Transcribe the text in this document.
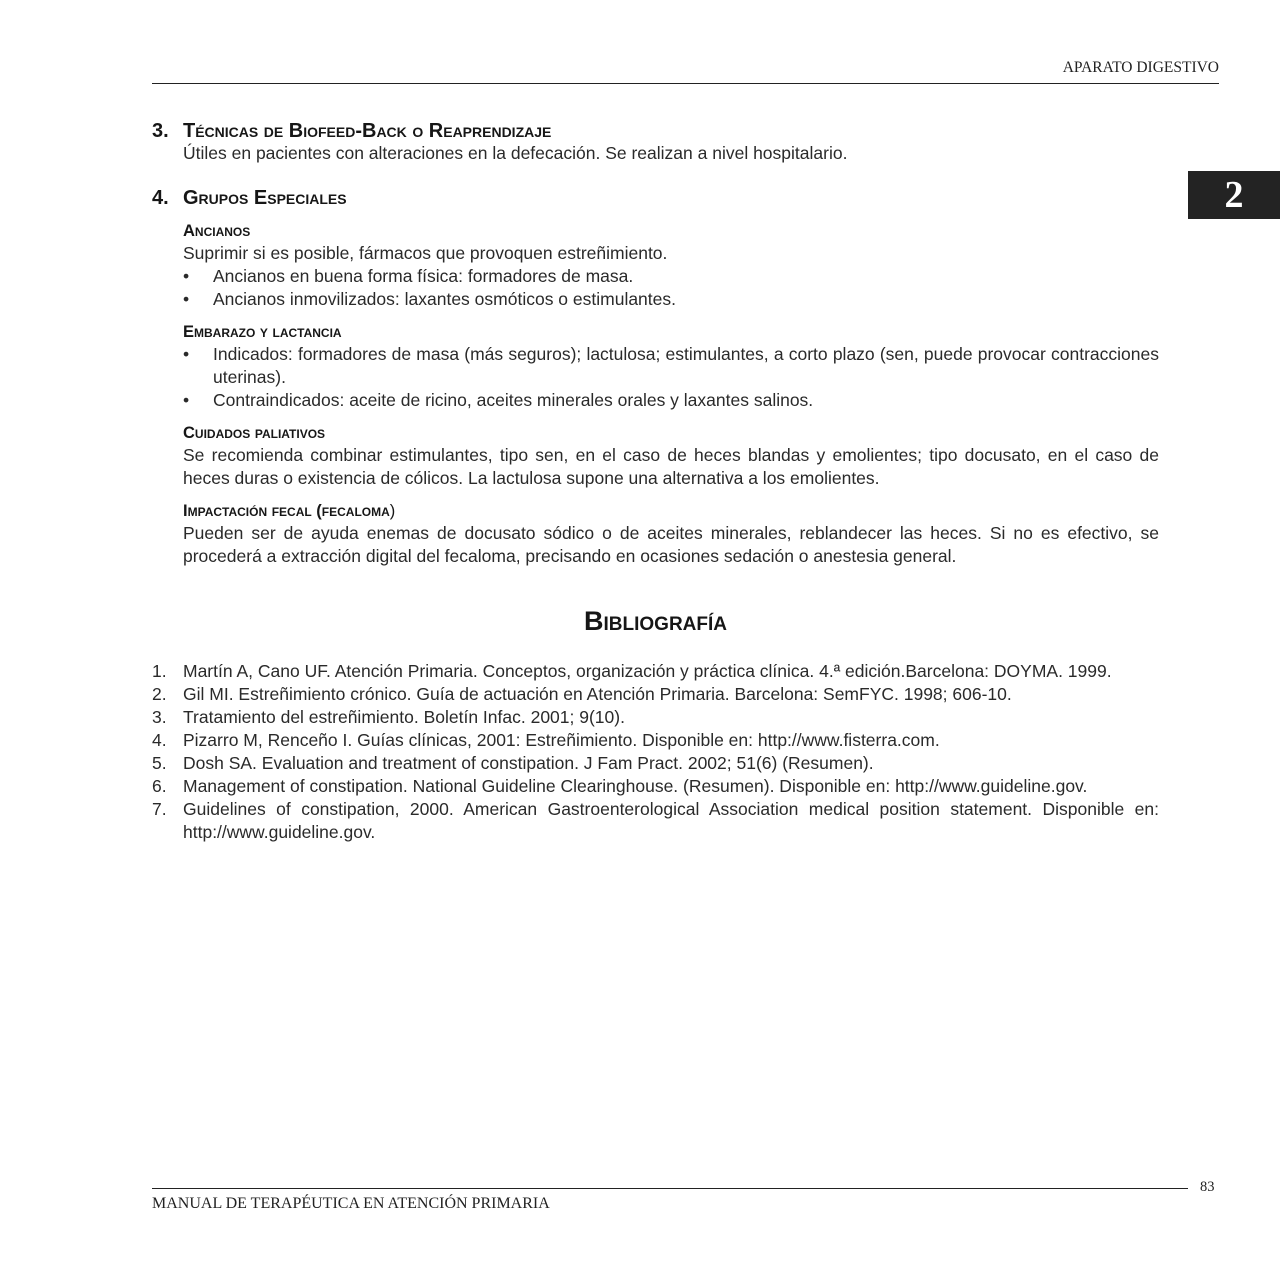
APARATO DIGESTIVO
2
3. Técnicas de Biofeed-Back o Reaprendizaje

Útiles en pacientes con alteraciones en la defecación. Se realizan a nivel hospitalario.

4. Grupos Especiales
Ancianos

Suprimir si es posible, fármacos que provoquen estreñimiento.

• Ancianos en buena forma física: formadores de masa.
• Ancianos inmovilizados: laxantes osmóticos o estimulantes.
Embarazo y lactancia
• Indicados: formadores de masa (más seguros); lactulosa; estimulantes, a corto plazo (sen, puede provocar contracciones uterinas).
• Contraindicados: aceite de ricino, aceites minerales orales y laxantes salinos.
Cuidados paliativos

Se recomienda combinar estimulantes, tipo sen, en el caso de heces blandas y emolientes; tipo docusato, en el caso de heces duras o existencia de cólicos. La lactulosa supone una alternativa a los emolientes.

Impactación fecal (fecaloma)

Pueden ser de ayuda enemas de docusato sódico o de aceites minerales, reblandecer las heces. Si no es efectivo, se procederá a extracción digital del fecaloma, precisando en ocasiones sedación o anestesia general.

Bibliografía
1. Martín A, Cano UF. Atención Primaria. Conceptos, organización y práctica clínica. 4.ª edición.Barcelona: DOYMA. 1999.
2. Gil MI. Estreñimiento crónico. Guía de actuación en Atención Primaria. Barcelona: SemFYC. 1998; 606-10.
3. Tratamiento del estreñimiento. Boletín Infac. 2001; 9(10).
4. Pizarro M, Renceño I. Guías clínicas, 2001: Estreñimiento. Disponible en: http://www.fisterra.com.
5. Dosh SA. Evaluation and treatment of constipation. J Fam Pract. 2002; 51(6) (Resumen).
6. Management of constipation. National Guideline Clearinghouse. (Resumen). Disponible en: http://www.guideline.gov.
7. Guidelines of constipation, 2000. American Gastroenterological Association medical position statement. Disponible en: http://www.guideline.gov.
MANUAL DE TERAPÉUTICA EN ATENCIÓN PRIMARIA
83
